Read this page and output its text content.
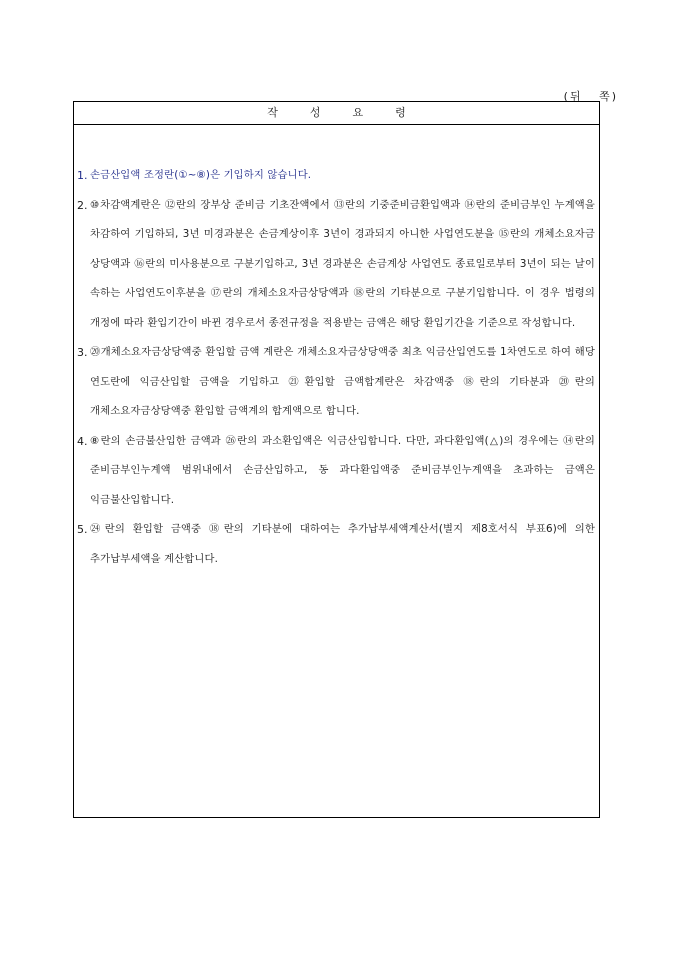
(뒤   쪽)
작성요령
1. 손금산입액 조정란(①~⑧)은 기입하지 않습니다.
2. ⑩차감액계란은 ⑫란의 장부상 준비금 기초잔액에서 ⑬란의 기중준비금환입액과 ⑭란의 준비금부인 누계액을 차감하여 기입하되, 3년 미경과분은 손금계상이후 3년이 경과되지 아니한 사업연도분을 ⑮란의 개체소요자금 상당액과 ⑯란의 미사용분으로 구분기입하고, 3년 경과분은 손금계상 사업연도 종료일로부터 3년이 되는 날이 속하는 사업연도이후분을 ⑰란의 개체소요자금상당액과 ⑱란의 기타분으로 구분기입합니다. 이 경우 법령의 개정에 따라 환입기간이 바뀐 경우로서 종전규정을 적용받는 금액은 해당 환입기간을 기준으로 작성합니다.
3. ⑳개체소요자금상당액중 환입할 금액 계란은 개체소요자금상당액중 최초 익금산입연도를 1차연도로 하여 해당 연도란에 익금산입할 금액을 기입하고 ㉑환입할 금액합계란은 차감액중 ⑱란의 기타분과 ⑳란의 개체소요자금상당액중 환입할 금액계의 합계액으로 합니다.
4. ⑧란의 손금불산입한 금액과 ㉖란의 과소환입액은 익금산입합니다. 다만, 과다환입액(△)의 경우에는 ⑭란의 준비금부인누계액 범위내에서 손금산입하고, 동 과다환입액중 준비금부인누계액을 초과하는 금액은 익금불산입합니다.
5. ㉔란의 환입할 금액중 ⑱란의 기타분에 대하여는 추가납부세액계산서(별지 제8호서식 부표6)에 의한 추가납부세액을 계산합니다.
